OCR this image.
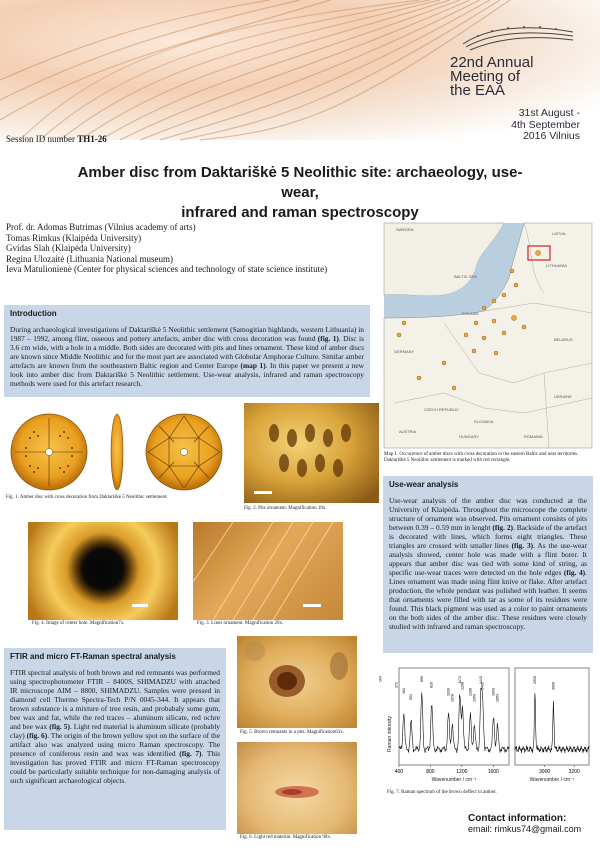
22nd Annual
Meeting of
the EAA
31st August -
4th September
2016 Vilnius
Session ID number TH1-26
Amber disc from Daktariškė 5 Neolithic site: archaeology, use-wear,
infrared and raman spectroscopy
Prof. dr. Adomas Butrimas (Vilnius academy of arts)
Tomas Rimkus (Klaipėda University)
Gvidas Slah (Klaipėda University)
Regina Ulozaitė (Lithuania National museum)
Ieva Matulionienė (Center for physical sciences and technology of state science institute)
Introduction
During archaeological investigations of Daktariškė 5 Neolithic settlement (Samogitian highlands, western Lithuania) in 1987 – 1992, among flint, osseous and pottery artefacts, amber disc with cross decoration was found (fig. 1). Disc is 3.6 cm wide, with a hole in a middle. Both sides are decorated with pits and lines ornament. These kind of amber discs are known since Middle Neolithic and for the most part are associated with Globular Amphorae Culture. Similar amber artefacts are known from the southeastern Baltic region and Center Europe (map 1). In this paper we present a new look into amber disc from Daktariškė 5 Neolithic settlement. Use-wear analysis, infrared and raman spectroscopy methods were used for this artefact research.
SWEDEN
BALTIC SEA
LATVIA
LITHUANIA
POLAND
GERMANY
BELARUS
UKRAINE
CZECH REPUBLIC
SLOVAKIA
HUNGARY	ROMANIA
AUSTRIA
Map 1. Occurrence of amber discs with cross decoration in the eastern Baltic and near territories. Daktariškė 5 Neolithic settlement is marked with red rectangle.
Fig. 1. Amber disc with cross decoration from Daktariškė 5 Neolithic settlement.
Fig. 2. Pits ornament. Magnification 10x.
Fig. 4. Image of center hole. Magnification7x.	Fig. 3. Lines ornament. Magnification 20x.
Use-wear analysis
Use-wear analysis of the amber disc was conducted at the University of Klaipėda. Throughout the microscope the complete structure of ornament was observed. Pits ornament consists of pits between 0.39 – 0.59 mm in lenght (fig. 2). Backside of the artefact is decorated with lines, which forms eight triangles. These triangles are crossed with smaller lines (fig. 3). As the use-wear analysis showed, center hole was made with a flint borer. It appears that amber disc was tied with some kind of string, as specific use-wear traces were detected on the hole edges (fig. 4). Lines ornament was made using flint knive or flake. After artefact production, the whole pendant was polished with leather. It seems that ornaments were filled with tar as some of its residues were found. This black pigment was used as a color to paint ornaments on the both sides of the amber disc. These residues were closely studied with infrared and raman spectroscopy.
FTIR and micro FT-Raman spectral analysis
FTIR spectral analysis of both brown and red remnants was performed using spectrophotometer FTIR – 8400S, SHIMADZU with attached IR microscope AIM – 8800, SHIMADZU. Samples were pressed in diamond cell Thermo Spectra-Tech P/N 0045-344. It appears that brown substance is a mixture of tree resin, and probabaly some gum, bee wax and fat, while the red traces – aluminum silicate, red ochre and bee wax (fig. 5). Light red material is aluminum silicate (probably clay) (fig. 6). The origin of the brown yellow spot on the surface of the artifact also was analyzed using micro Raman spectroscopy. The presence of coniferous resin and wax was identified (fig. 7). This investigation has proved FTIR and micro FT-Raman spectroscopy could be particularly suitable technique for non-damaging analysis of such significant archaeological objects.
Fig. 5. Brown remnants in a pits. Magnification63x.
Fig. 6. Light red material. Magnification 90x.
Raman intensity
400	800	1200	1600
164
371
461
554
690
816
1030
1078
1174
1208
1308
1359
1443
1465
1603
1654
3000	3200
2935
3060
Wavenumber / cm⁻¹	Wavenumber / cm⁻¹
Fig. 7. Raman spectrum of the brown deffect in amber.
Contact information:
email: rimkus74@gmail.com
